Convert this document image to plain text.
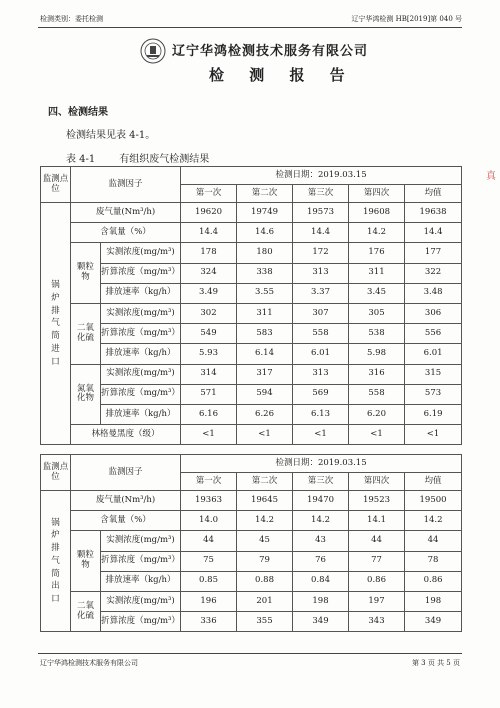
检测类别：委托检测	辽宁华鸿检测 HB[2019]第 040 号
辽宁华鸿检测技术服务有限公司
检 测 报 告
四、检测结果
检测结果见表 4-1。
表 4-1 有组织废气检测结果
真
监测点位	监测因子		检测日期：2019.03.15				
			第一次	第二次	第三次	第四次	均值
锅炉排气筒进口	废气量(Nm³/h)		19620	19749	19573	19608	19638
	含氧量（%）		14.4	14.6	14.4	14.2	14.4
	颗粒物	实测浓度(mg/m³)	178	180	172	176	177
		折算浓度（mg/m³）	324	338	313	311	322
		排放速率（kg/h）	3.49	3.55	3.37	3.45	3.48
	二氧化硫	实测浓度(mg/m³)	302	311	307	305	306
		折算浓度（mg/m³）	549	583	558	538	556
		排放速率（kg/h）	5.93	6.14	6.01	5.98	6.01
	氮氧化物	实测浓度(mg/m³)	314	317	313	316	315
		折算浓度（mg/m³）	571	594	569	558	573
		排放速率（kg/h）	6.16	6.26	6.13	6.20	6.19
	林格曼黑度（级）		<1	<1	<1	<1	<1
监测点位	监测因子		检测日期：2019.03.15				
			第一次	第二次	第三次	第四次	均值
锅炉排气筒出口	废气量(Nm³/h)		19363	19645	19470	19523	19500
	含氧量（%）		14.0	14.2	14.2	14.1	14.2
	颗粒物	实测浓度(mg/m³)	44	45	43	44	44
		折算浓度（mg/m³）	75	79	76	77	78
		排放速率（kg/h）	0.85	0.88	0.84	0.86	0.86
	二氧化硫	实测浓度(mg/m³)	196	201	198	197	198
		折算浓度（mg/m³）	336	355	349	343	349
辽宁华鸿检测技术服务有限公司	第 3 页 共 5 页
